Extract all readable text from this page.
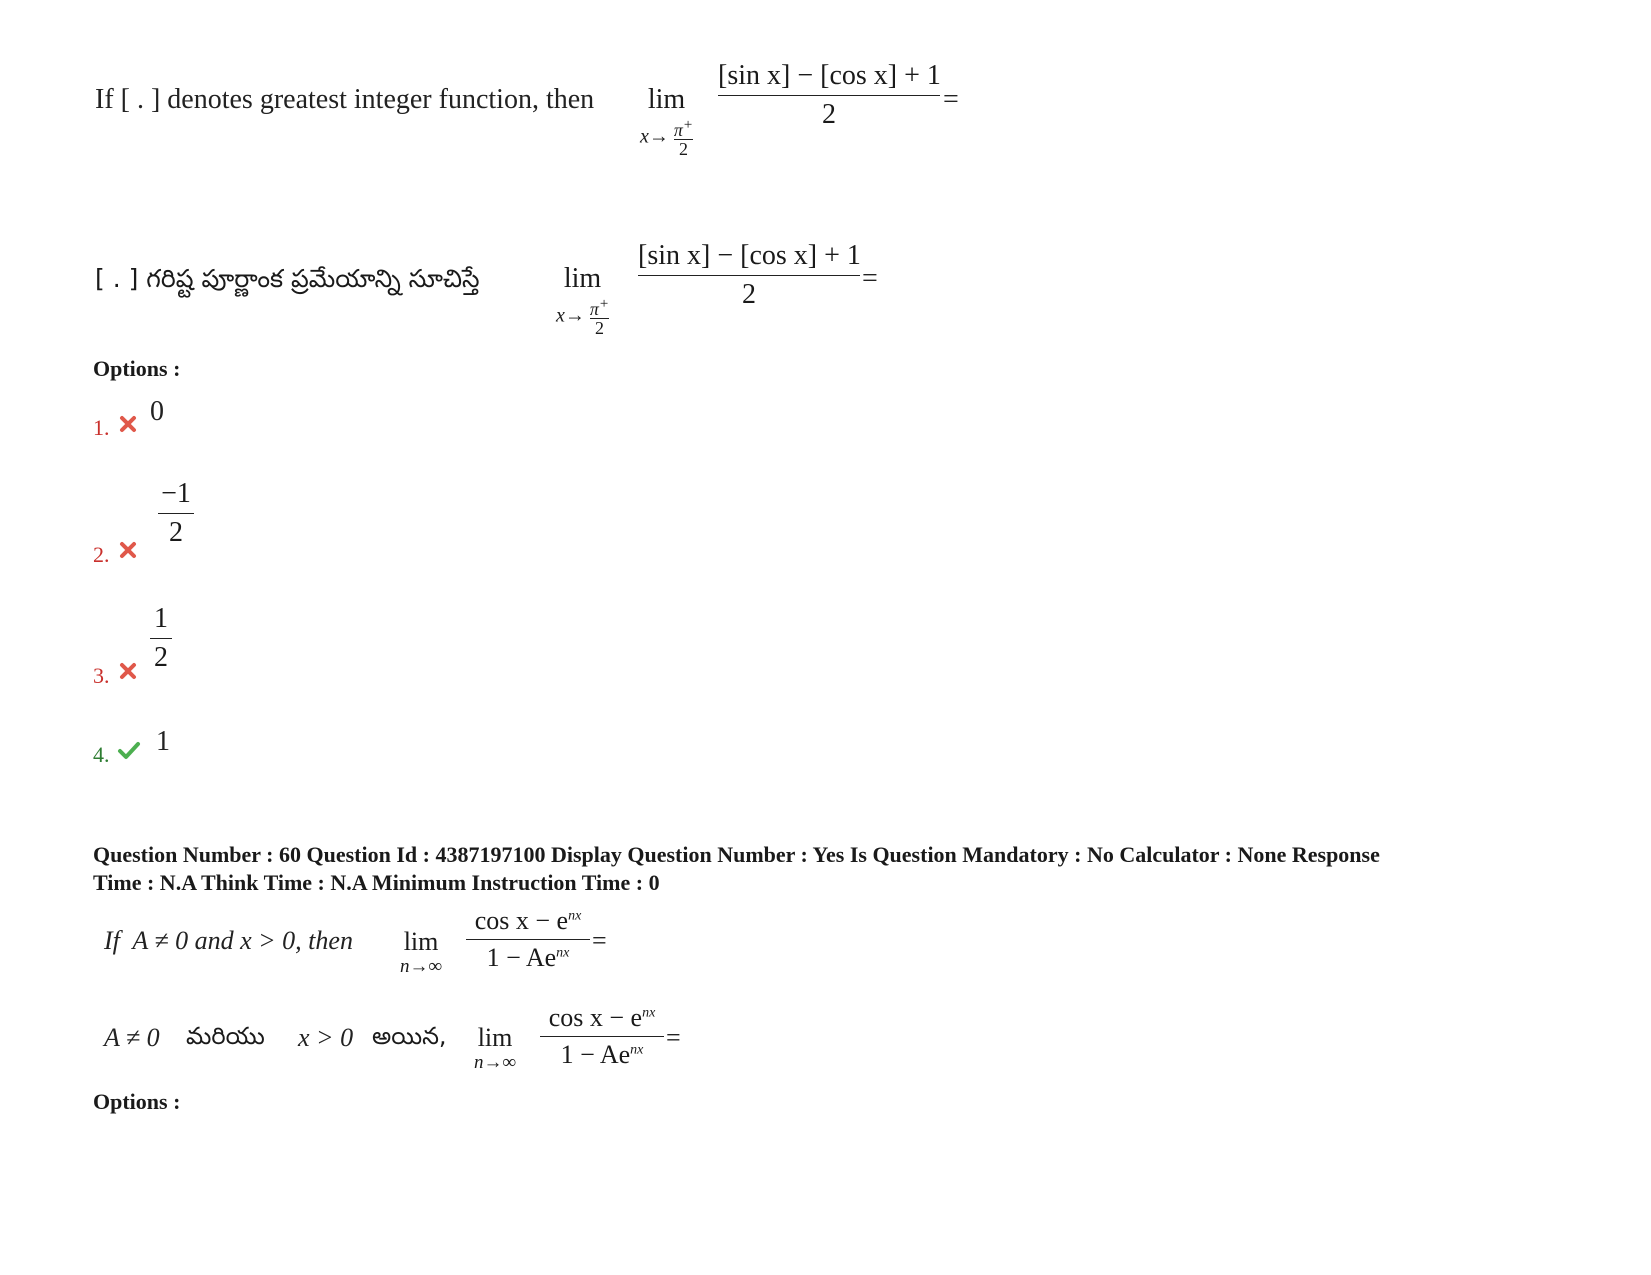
If [ . ] denotes greatest integer function, then lim
$x\to \frac{\pi^+}{2}$
[sin x] − [cos x] + 1
2	=
[ . ] గరిష్ట పూర్ణాంక ప్రమేయాన్ని సూచిస్తే	lim
$x\to \frac{\pi^+}{2}$
[sin x] − [cos x] + 1
2
=
Options :
1.
0
2.
−1
2
3.
1
2
4. 1
Question Number : 60 Question Id : 4387197100 Display Question Number : Yes Is Question Mandatory : No Calculator : None Response
Time : N.A Think Time : N.A Minimum Instruction Time : 0
If  A ≠ 0 and x > 0, then lim
n→∞
$\cos x - e^{nx}$
$1 - Ae^{nx}$ =
A ≠ 0 మరియు x > 0 అయిన, lim
n→∞
$\cos x - e^{nx}$
$1 - Ae^{nx}$ =
Options :
